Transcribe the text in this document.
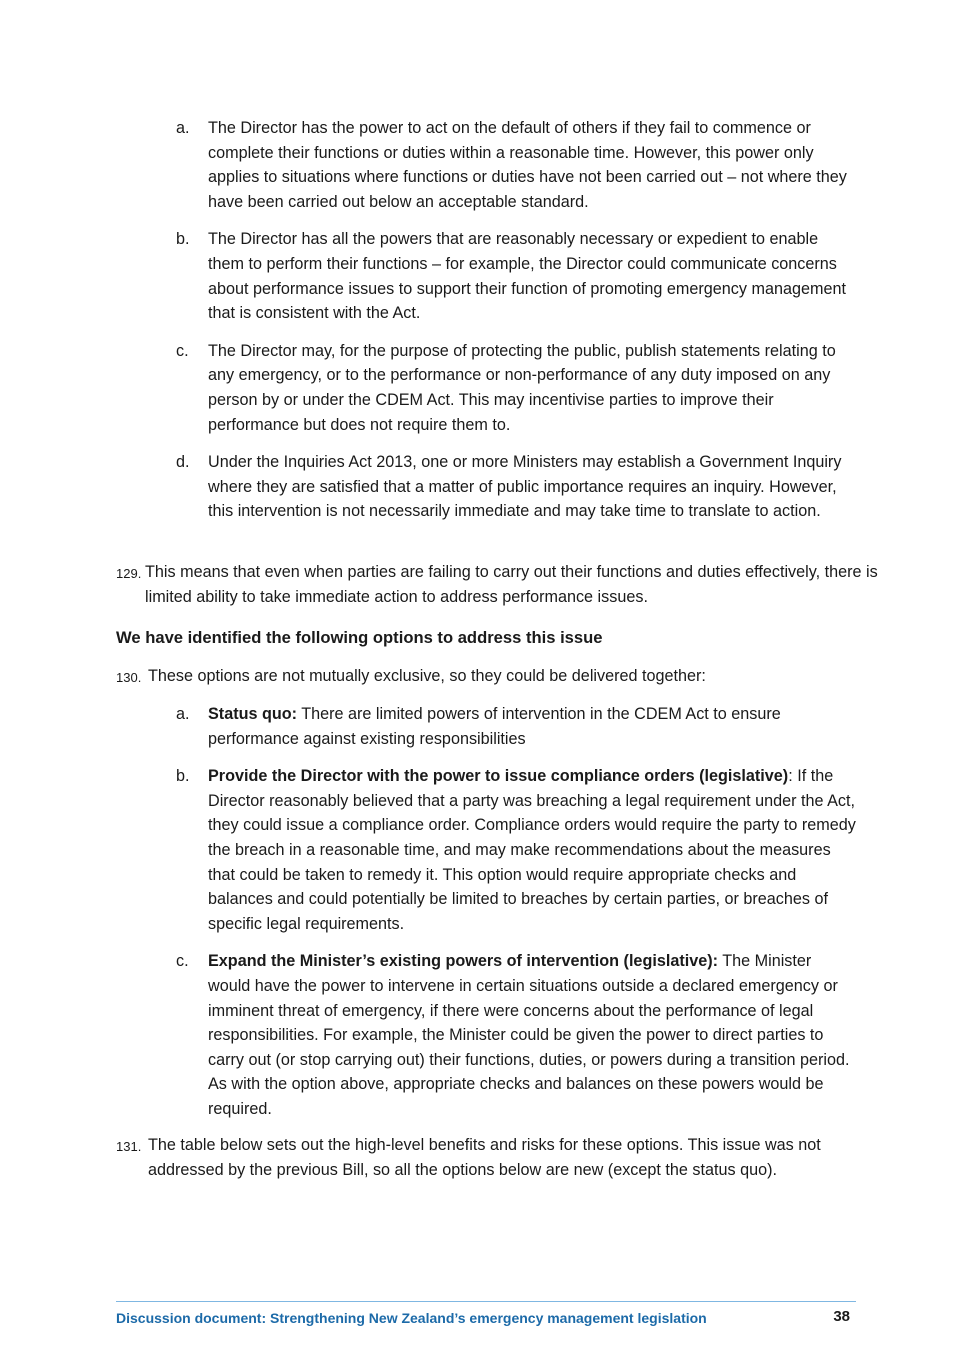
a. The Director has the power to act on the default of others if they fail to commence or complete their functions or duties within a reasonable time. However, this power only applies to situations where functions or duties have not been carried out – not where they have been carried out below an acceptable standard.
b. The Director has all the powers that are reasonably necessary or expedient to enable them to perform their functions – for example, the Director could communicate concerns about performance issues to support their function of promoting emergency management that is consistent with the Act.
c. The Director may, for the purpose of protecting the public, publish statements relating to any emergency, or to the performance or non-performance of any duty imposed on any person by or under the CDEM Act. This may incentivise parties to improve their performance but does not require them to.
d. Under the Inquiries Act 2013, one or more Ministers may establish a Government Inquiry where they are satisfied that a matter of public importance requires an inquiry. However, this intervention is not necessarily immediate and may take time to translate to action.
129. This means that even when parties are failing to carry out their functions and duties effectively, there is limited ability to take immediate action to address performance issues.
We have identified the following options to address this issue
130. These options are not mutually exclusive, so they could be delivered together:
a. Status quo: There are limited powers of intervention in the CDEM Act to ensure performance against existing responsibilities
b. Provide the Director with the power to issue compliance orders (legislative): If the Director reasonably believed that a party was breaching a legal requirement under the Act, they could issue a compliance order. Compliance orders would require the party to remedy the breach in a reasonable time, and may make recommendations about the measures that could be taken to remedy it. This option would require appropriate checks and balances and could potentially be limited to breaches by certain parties, or breaches of specific legal requirements.
c. Expand the Minister’s existing powers of intervention (legislative): The Minister would have the power to intervene in certain situations outside a declared emergency or imminent threat of emergency, if there were concerns about the performance of legal responsibilities. For example, the Minister could be given the power to direct parties to carry out (or stop carrying out) their functions, duties, or powers during a transition period. As with the option above, appropriate checks and balances on these powers would be required.
131. The table below sets out the high-level benefits and risks for these options. This issue was not addressed by the previous Bill, so all the options below are new (except the status quo).
Discussion document: Strengthening New Zealand’s emergency management legislation	38
